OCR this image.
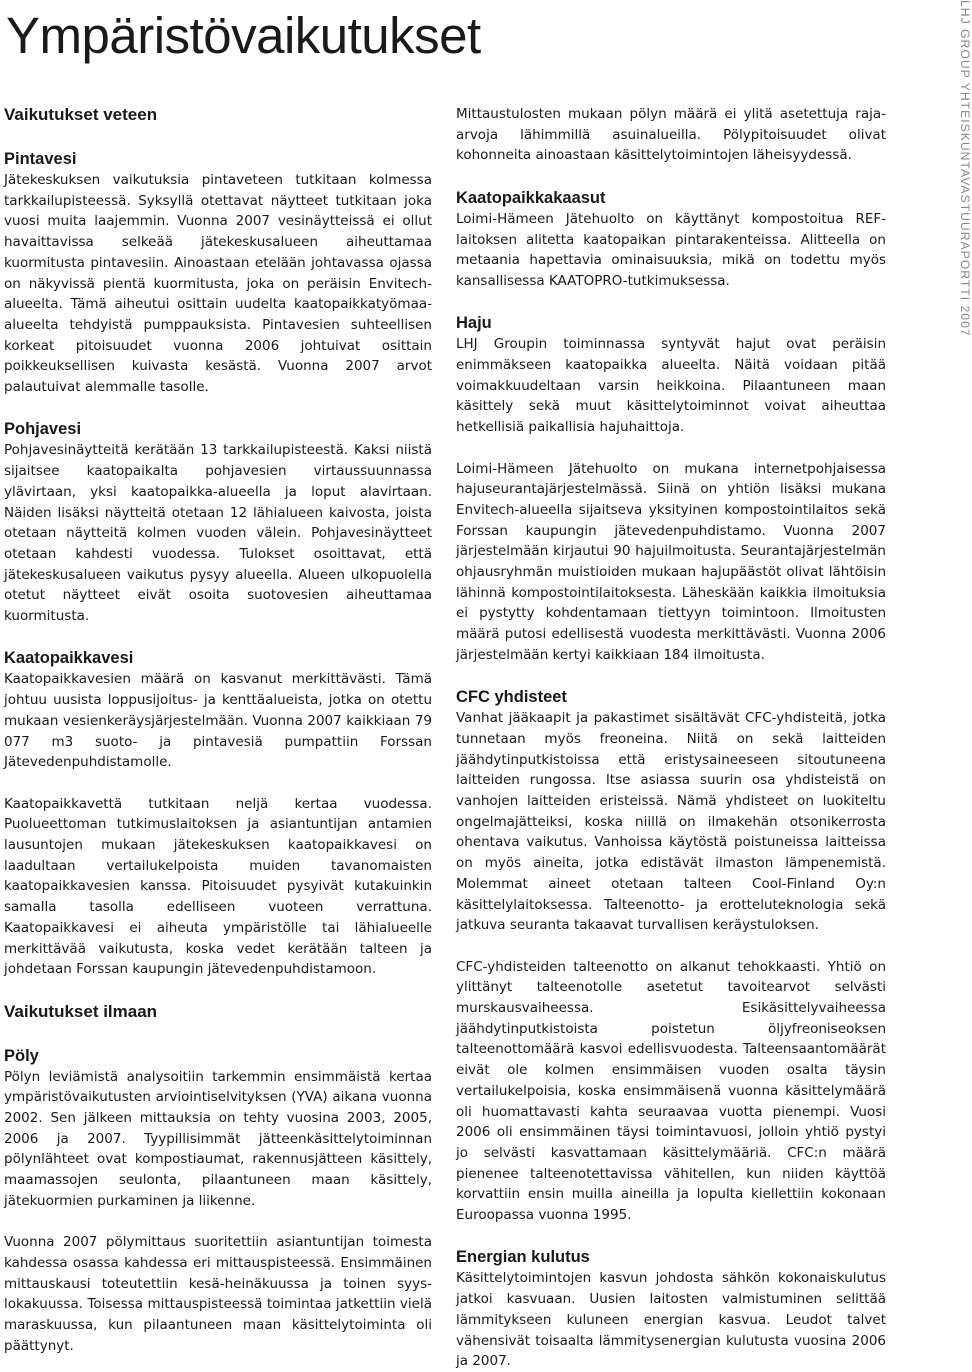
Ympäristövaikutukset	LHJ GROUP YHTEISKUNTAVASTUURAPORTTI 2007
Vaikutukset veteen
Pintavesi

Jätekeskuksen vaikutuksia pintaveteen tutkitaan kolmessa tarkkailupisteessä. Syksyllä otettavat näytteet tutkitaan joka vuosi muita laajemmin. Vuonna 2007 vesinäytteissä ei ollut havaittavissa selkeää jätekeskusalueen aiheuttamaa kuormitusta pintavesiin. Ainoastaan etelään johtavassa ojassa on näkyvissä pientä kuormitusta, joka on peräisin Envitech-alueelta. Tämä aiheutui osittain uudelta kaatopaikkatyömaa-alueelta tehdyistä pumppauksista. Pintavesien suhteellisen korkeat pitoisuudet vuonna 2006 johtuivat osittain poikkeuksellisen kuivasta kesästä. Vuonna 2007 arvot palautuivat alemmalle tasolle.

Pohjavesi

Pohjavesinäytteitä kerätään 13 tarkkailupisteestä. Kaksi niistä sijaitsee kaatopaikalta pohjavesien virtaussuunnassa ylävirtaan, yksi kaatopaikka-alueella ja loput alavirtaan. Näiden lisäksi näytteitä otetaan 12 lähialueen kaivosta, joista otetaan näytteitä kolmen vuoden välein. Pohjavesinäytteet otetaan kahdesti vuodessa. Tulokset osoittavat, että jätekeskusalueen vaikutus pysyy alueella. Alueen ulkopuolella otetut näytteet eivät osoita suotovesien aiheuttamaa kuormitusta.

Kaatopaikkavesi

Kaatopaikkavesien määrä on kasvanut merkittävästi. Tämä johtuu uusista loppusijoitus- ja kenttäalueista, jotka on otettu mukaan vesienkeräysjärjestelmään. Vuonna 2007 kaikkiaan 79 077 m3 suoto- ja pintavesiä pumpattiin Forssan Jätevedenpuhdistamolle.

Kaatopaikkavettä tutkitaan neljä kertaa vuodessa. Puolueettoman tutkimuslaitoksen ja asiantuntijan antamien lausuntojen mukaan jätekeskuksen kaatopaikkavesi on laadultaan vertailukelpoista muiden tavanomaisten kaatopaikkavesien kanssa. Pitoisuudet pysyivät kutakuinkin samalla tasolla edelliseen vuoteen verrattuna. Kaatopaikkavesi ei aiheuta ympäristölle tai lähialueelle merkittävää vaikutusta, koska vedet kerätään talteen ja johdetaan Forssan kaupungin jätevedenpuhdistamoon.

Vaikutukset ilmaan
Pöly

Pölyn leviämistä analysoitiin tarkemmin ensimmäistä kertaa ympäristövaikutusten arviointiselvityksen (YVA) aikana vuonna 2002. Sen jälkeen mittauksia on tehty vuosina 2003, 2005, 2006 ja 2007. Tyypillisimmät jätteenkäsittelytoiminnan pölynlähteet ovat kompostiaumat, rakennusjätteen käsittely, maamassojen seulonta, pilaantuneen maan käsittely, jätekuormien purkaminen ja liikenne.

Vuonna 2007 pölymittaus suoritettiin asiantuntijan toimesta kahdessa osassa kahdessa eri mittauspisteessä. Ensimmäinen mittauskausi toteutettiin kesä-heinäkuussa ja toinen syys-lokakuussa. Toisessa mittauspisteessä toimintaa jatkettiin vielä maraskuussa, kun pilaantuneen maan käsittelytoiminta oli päättynyt.

Mittaustulosten mukaan pölyn määrä ei ylitä asetettuja raja-arvoja lähimmillä asuinalueilla. Pölypitoisuudet olivat kohonneita ainoastaan käsittelytoimintojen läheisyydessä.

Kaatopaikkakaasut

Loimi-Hämeen Jätehuolto on käyttänyt kompostoitua REF-laitoksen alitetta kaatopaikan pintarakenteissa. Alitteella on metaania hapettavia ominaisuuksia, mikä on todettu myös kansallisessa KAATOPRO-tutkimuksessa.

Haju

LHJ Groupin toiminnassa syntyvät hajut ovat peräisin enimmäkseen kaatopaikka alueelta. Näitä voidaan pitää voimakkuudeltaan varsin heikkoina. Pilaantuneen maan käsittely sekä muut käsittelytoiminnot voivat aiheuttaa hetkellisiä paikallisia hajuhaittoja.

Loimi-Hämeen Jätehuolto on mukana internetpohjaisessa hajuseurantajärjestelmässä. Siinä on yhtiön lisäksi mukana Envitech-alueella sijaitseva yksityinen kompostointilaitos sekä Forssan kaupungin jätevedenpuhdistamo. Vuonna 2007 järjestelmään kirjautui 90 hajuilmoitusta. Seurantajärjestelmän ohjausryhmän muistioiden mukaan hajupäästöt olivat lähtöisin lähinnä kompostointilaitoksesta. Läheskään kaikkia ilmoituksia ei pystytty kohdentamaan tiettyyn toimintoon. Ilmoitusten määrä putosi edellisestä vuodesta merkittävästi. Vuonna 2006 järjestelmään kertyi kaikkiaan 184 ilmoitusta.

CFC yhdisteet

Vanhat jääkaapit ja pakastimet sisältävät CFC-yhdisteitä, jotka tunnetaan myös freoneina. Niitä on sekä laitteiden jäähdytinputkistoissa että eristysaineeseen sitoutuneena laitteiden rungossa. Itse asiassa suurin osa yhdisteistä on vanhojen laitteiden eristeissä. Nämä yhdisteet on luokiteltu ongelmajätteiksi, koska niillä on ilmakehän otsonikerrosta ohentava vaikutus. Vanhoissa käytöstä poistuneissa laitteissa on myös aineita, jotka edistävät ilmaston lämpenemistä. Molemmat aineet otetaan talteen Cool-Finland Oy:n käsittelylaitoksessa. Talteenotto- ja erotteluteknologia sekä jatkuva seuranta takaavat turvallisen keräystuloksen.

CFC-yhdisteiden talteenotto on alkanut tehokkaasti. Yhtiö on ylittänyt talteenotolle asetetut tavoitearvot selvästi murskausvaiheessa. Esikäsittelyvaiheessa jäähdytinputkistoista poistetun öljyfreoniseoksen talteenottomäärä kasvoi edellisvuodesta. Talteensaantomäärät eivät ole kolmen ensimmäisen vuoden osalta täysin vertailukelpoisia, koska ensimmäisenä vuonna käsittelymäärä oli huomattavasti kahta seuraavaa vuotta pienempi. Vuosi 2006 oli ensimmäinen täysi toimintavuosi, jolloin yhtiö pystyi jo selvästi kasvattamaan käsittelymääriä. CFC:n määrä pienenee talteenotettavissa vähitellen, kun niiden käyttöä korvattiin ensin muilla aineilla ja lopulta kiellettiin kokonaan Euroopassa vuonna 1995.

Energian kulutus

Käsittelytoimintojen kasvun johdosta sähkön kokonaiskulutus jatkoi kasvuaan. Uusien laitosten valmistuminen selittää lämmitykseen kuluneen energian kasvua. Leudot talvet vähensivät toisaalta lämmitysenergian kulutusta vuosina 2006 ja 2007.
